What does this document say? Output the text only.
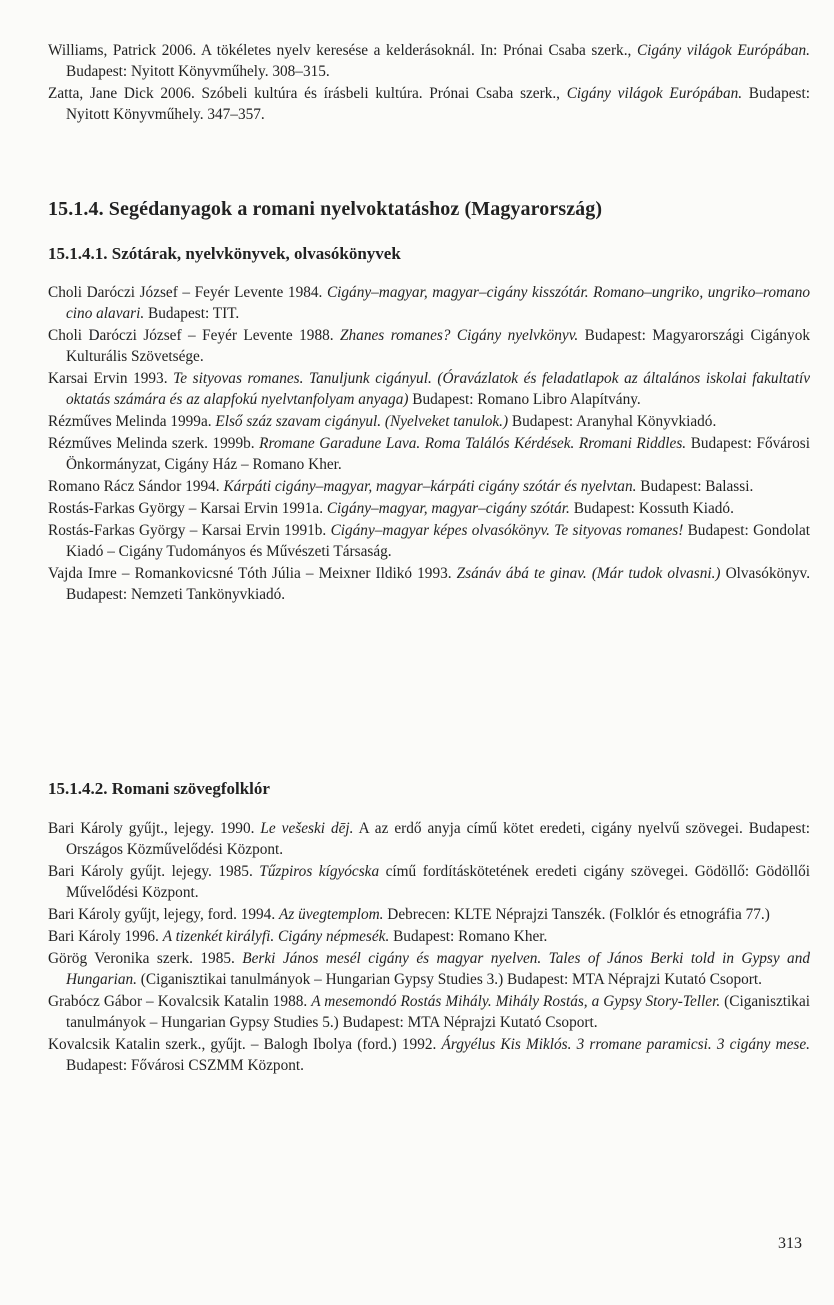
Williams, Patrick 2006. A tökéletes nyelv keresése a kelderásoknál. In: Prónai Csaba szerk., Cigány világok Európában. Budapest: Nyitott Könyvműhely. 308–315.
Zatta, Jane Dick 2006. Szóbeli kultúra és írásbeli kultúra. Prónai Csaba szerk., Cigány világok Európában. Budapest: Nyitott Könyvműhely. 347–357.
15.1.4. Segédanyagok a romani nyelvoktatáshoz (Magyarország)
15.1.4.1. Szótárak, nyelvkönyvek, olvasókönyvek
Choli Daróczi József – Feyér Levente 1984. Cigány–magyar, magyar–cigány kisszótár. Romano–ungriko, ungriko–romano cino alavari. Budapest: TIT.
Choli Daróczi József – Feyér Levente 1988. Zhanes romanes? Cigány nyelvkönyv. Budapest: Magyarországi Cigányok Kulturális Szövetsége.
Karsai Ervin 1993. Te sityovas romanes. Tanuljunk cigányul. (Óravázlatok és feladatlapok az általános iskolai fakultatív oktatás számára és az alapfokú nyelvtanfolyam anyaga) Budapest: Romano Libro Alapítvány.
Rézműves Melinda 1999a. Első száz szavam cigányul. (Nyelveket tanulok.) Budapest: Aranyhal Könyvkiadó.
Rézműves Melinda szerk. 1999b. Rromane Garadune Lava. Roma Találós Kérdések. Rromani Riddles. Budapest: Fővárosi Önkormányzat, Cigány Ház – Romano Kher.
Romano Rácz Sándor 1994. Kárpáti cigány–magyar, magyar–kárpáti cigány szótár és nyelvtan. Budapest: Balassi.
Rostás-Farkas György – Karsai Ervin 1991a. Cigány–magyar, magyar–cigány szótár. Budapest: Kossuth Kiadó.
Rostás-Farkas György – Karsai Ervin 1991b. Cigány–magyar képes olvasókönyv. Te sityovas romanes! Budapest: Gondolat Kiadó – Cigány Tudományos és Művészeti Társaság.
Vajda Imre – Romankovicsné Tóth Júlia – Meixner Ildikó 1993. Zsánáv ábá te ginav. (Már tudok olvasni.) Olvasókönyv. Budapest: Nemzeti Tankönyvkiadó.
15.1.4.2. Romani szövegfolklór
Bari Károly gyűjt., lejegy. 1990. Le vešeski dēj. A az erdő anyja című kötet eredeti, cigány nyelvű szövegei. Budapest: Országos Közművelődési Központ.
Bari Károly gyűjt. lejegy. 1985. Tűzpiros kígyócska című fordításkötetének eredeti cigány szövegei. Gödöllő: Gödöllői Művelődési Központ.
Bari Károly gyűjt, lejegy, ford. 1994. Az üvegtemplom. Debrecen: KLTE Néprajzi Tanszék. (Folklór és etnográfia 77.)
Bari Károly 1996. A tizenkét királyfi. Cigány népmesék. Budapest: Romano Kher.
Görög Veronika szerk. 1985. Berki János mesél cigány és magyar nyelven. Tales of János Berki told in Gypsy and Hungarian. (Ciganisztikai tanulmányok – Hungarian Gypsy Studies 3.) Budapest: MTA Néprajzi Kutató Csoport.
Grabócz Gábor – Kovalcsik Katalin 1988. A mesemondó Rostás Mihály. Mihály Rostás, a Gypsy Story-Teller. (Ciganisztikai tanulmányok – Hungarian Gypsy Studies 5.) Budapest: MTA Néprajzi Kutató Csoport.
Kovalcsik Katalin szerk., gyűjt. – Balogh Ibolya (ford.) 1992. Árgyélus Kis Miklós. 3 rromane paramicsi. 3 cigány mese. Budapest: Fővárosi CSZMM Központ.
313
